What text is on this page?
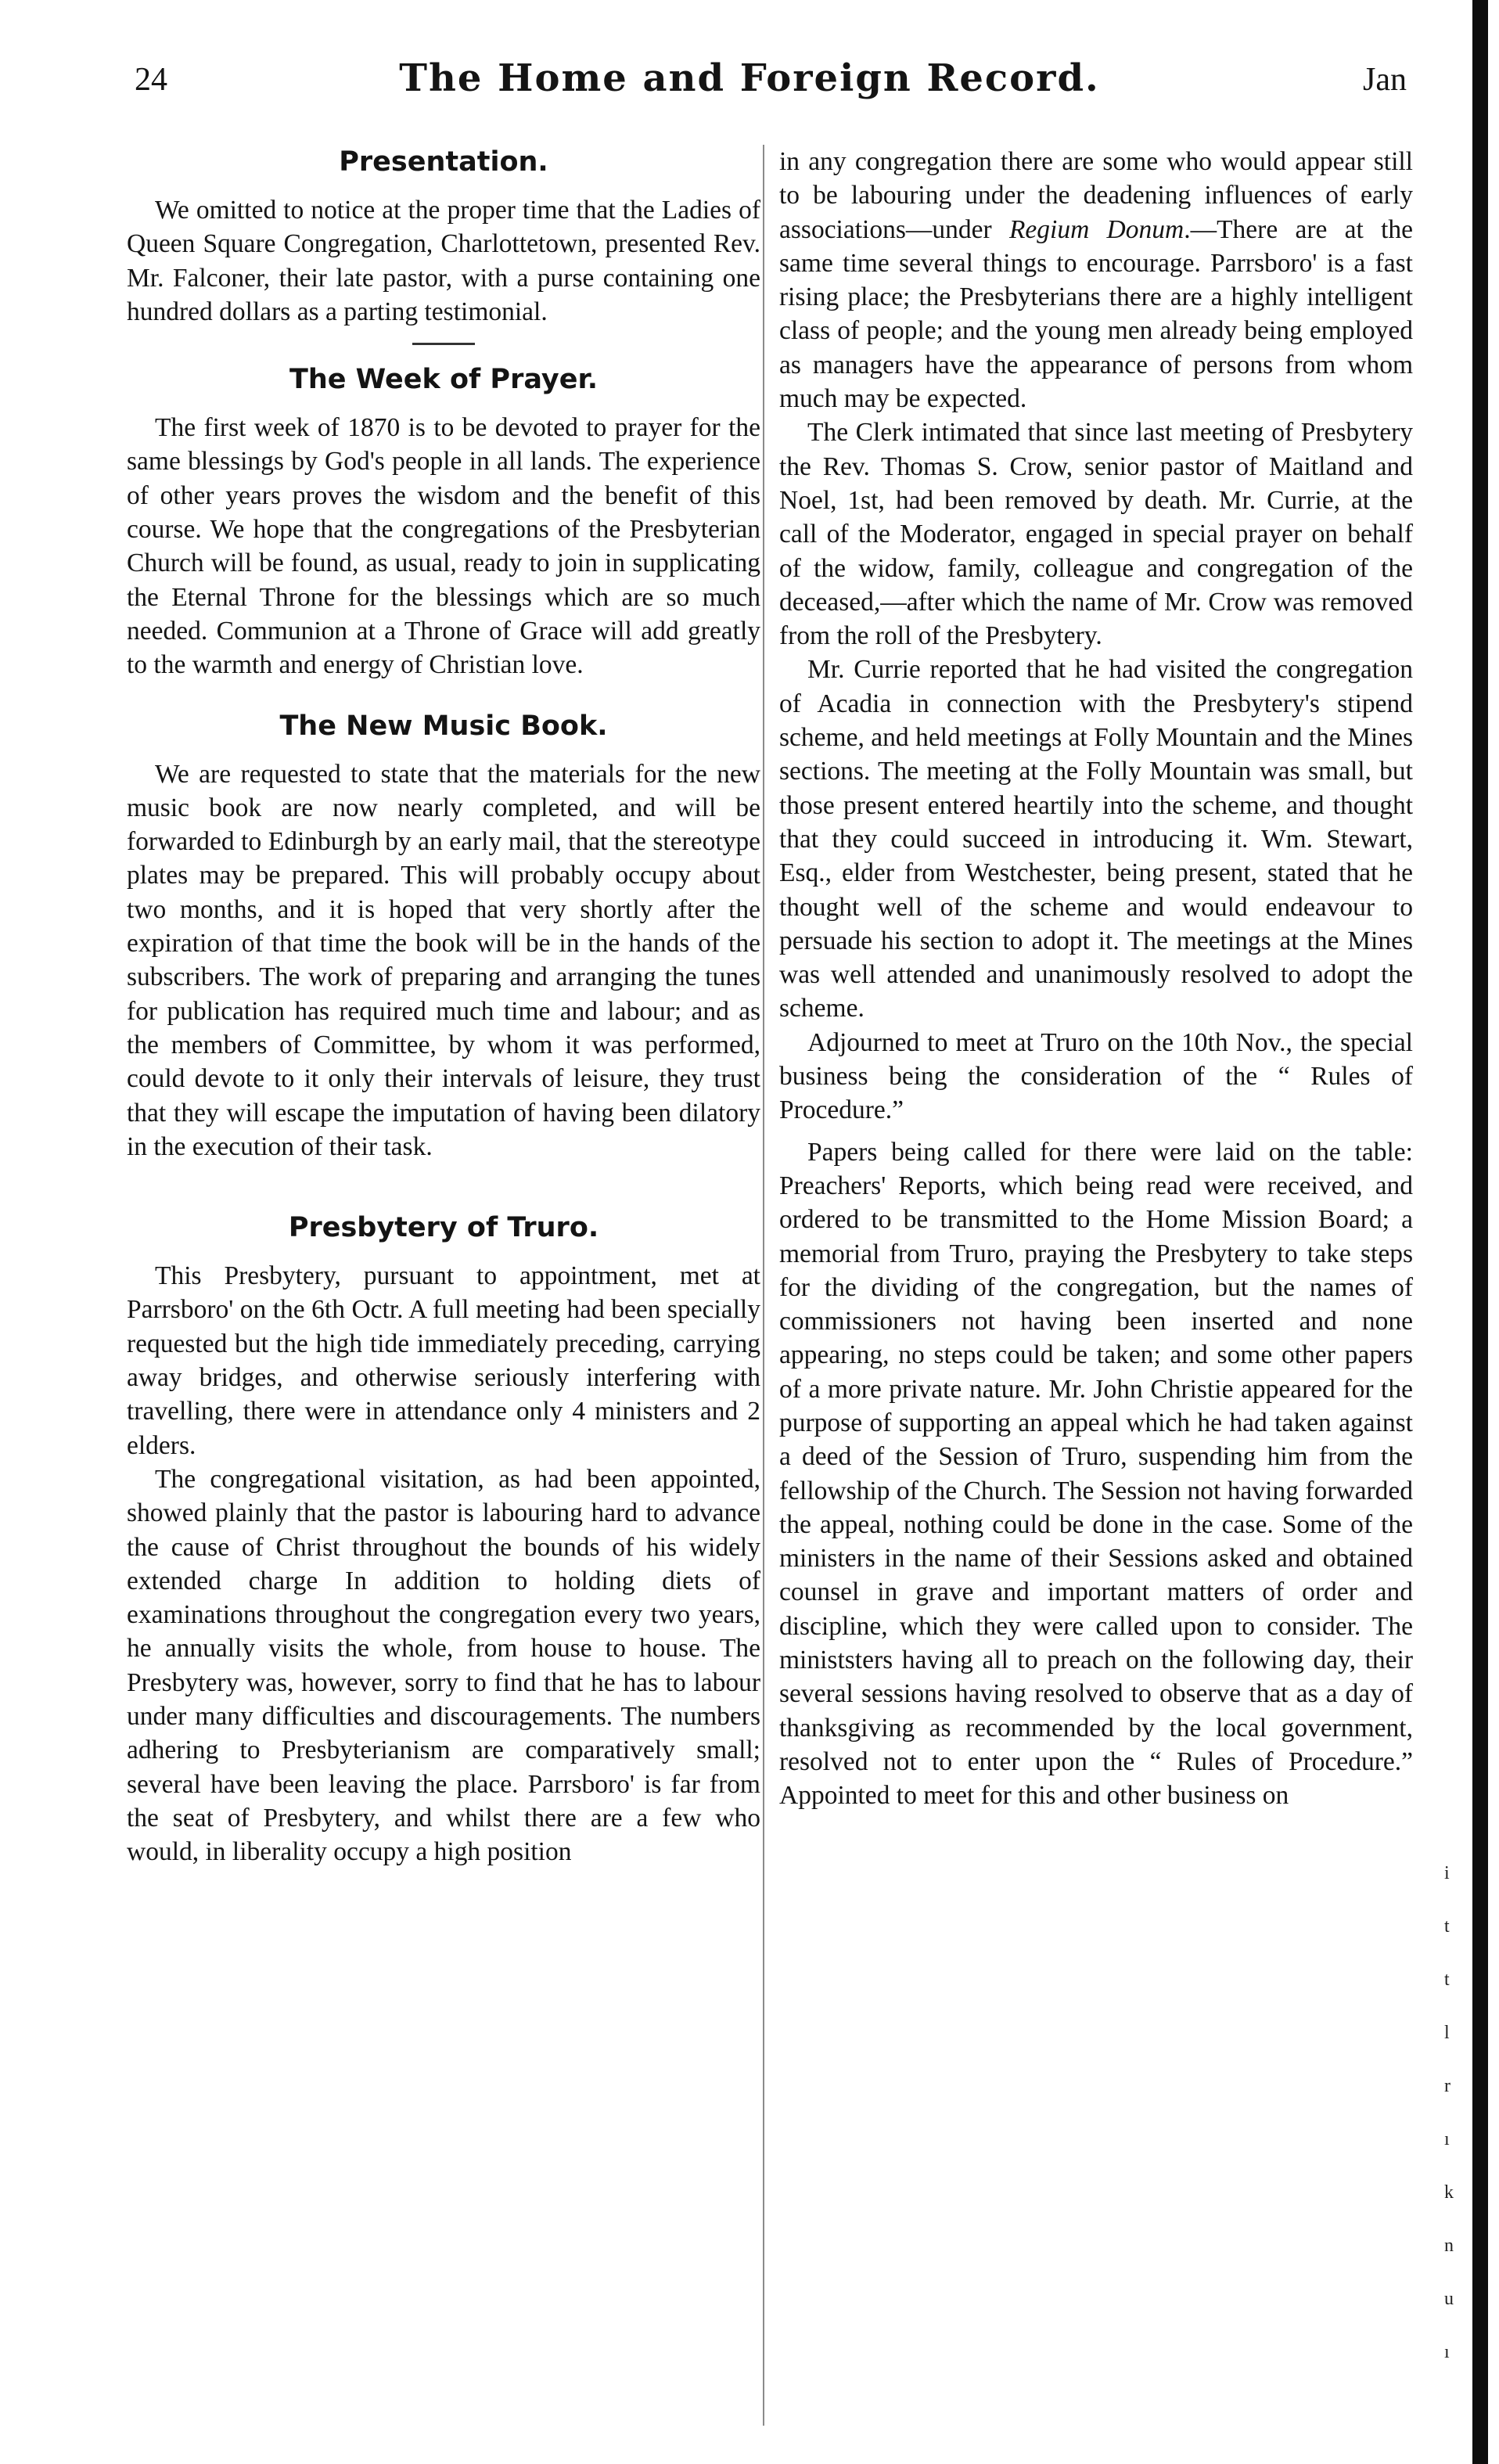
24	The Home and Foreign Record.	Jan
Presentation.

We omitted to notice at the proper time that the Ladies of Queen Square Congregation, Charlottetown, presented Rev. Mr. Falconer, their late pastor, with a purse containing one hundred dollars as a parting testimonial.

The Week of Prayer.

The first week of 1870 is to be devoted to prayer for the same blessings by God's people in all lands. The experience of other years proves the wisdom and the benefit of this course. We hope that the congregations of the Presbyterian Church will be found, as usual, ready to join in supplicating the Eternal Throne for the blessings which are so much needed. Communion at a Throne of Grace will add greatly to the warmth and energy of Christian love.

The New Music Book.

We are requested to state that the materials for the new music book are now nearly completed, and will be forwarded to Edinburgh by an early mail, that the stereotype plates may be prepared. This will probably occupy about two months, and it is hoped that very shortly after the expiration of that time the book will be in the hands of the subscribers. The work of preparing and arranging the tunes for publication has required much time and labour; and as the members of Committee, by whom it was performed, could devote to it only their intervals of leisure, they trust that they will escape the imputation of having been dilatory in the execution of their task.

Presbytery of Truro.

This Presbytery, pursuant to appointment, met at Parrsboro' on the 6th Octr. A full meeting had been specially requested but the high tide immediately preceding, carrying away bridges, and otherwise seriously interfering with travelling, there were in attendance only 4 ministers and 2 elders.

The congregational visitation, as had been appointed, showed plainly that the pastor is labouring hard to advance the cause of Christ throughout the bounds of his widely extended charge In addition to holding diets of examinations throughout the congregation every two years, he annually visits the whole, from house to house. The Presbytery was, however, sorry to find that he has to labour under many difficulties and discouragements. The numbers adhering to Presbyterianism are comparatively small; several have been leaving the place. Parrsboro' is far from the seat of Presbytery, and whilst there are a few who would, in liberality occupy a high position

in any congregation there are some who would appear still to be labouring under the deadening influences of early associations—under Regium Donum.—There are at the same time several things to encourage. Parrsboro' is a fast rising place; the Presbyterians there are a highly intelligent class of people; and the young men already being employed as managers have the appearance of persons from whom much may be expected.

The Clerk intimated that since last meeting of Presbytery the Rev. Thomas S. Crow, senior pastor of Maitland and Noel, 1st, had been removed by death. Mr. Currie, at the call of the Moderator, engaged in special prayer on behalf of the widow, family, colleague and congregation of the deceased,—after which the name of Mr. Crow was removed from the roll of the Presbytery.

Mr. Currie reported that he had visited the congregation of Acadia in connection with the Presbytery's stipend scheme, and held meetings at Folly Mountain and the Mines sections. The meeting at the Folly Mountain was small, but those present entered heartily into the scheme, and thought that they could succeed in introducing it. Wm. Stewart, Esq., elder from Westchester, being present, stated that he thought well of the scheme and would endeavour to persuade his section to adopt it. The meetings at the Mines was well attended and unanimously resolved to adopt the scheme.

Adjourned to meet at Truro on the 10th Nov., the special business being the consideration of the “ Rules of Procedure.”

Papers being called for there were laid on the table: Preachers' Reports, which being read were received, and ordered to be transmitted to the Home Mission Board; a memorial from Truro, praying the Presbytery to take steps for the dividing of the congregation, but the names of commissioners not having been inserted and none appearing, no steps could be taken; and some other papers of a more private nature. Mr. John Christie appeared for the purpose of supporting an appeal which he had taken against a deed of the Session of Truro, suspending him from the fellowship of the Church. The Session not having forwarded the appeal, nothing could be done in the case. Some of the ministers in the name of their Sessions asked and obtained counsel in grave and important matters of order and discipline, which they were called upon to consider. The ministsters having all to preach on the following day, their several sessions having resolved to observe that as a day of thanksgiving as recommended by the local government, resolved not to enter upon the “ Rules of Procedure.” Appointed to meet for this and other business on

i
t
t
l
r
ı
k
n
u
ı
